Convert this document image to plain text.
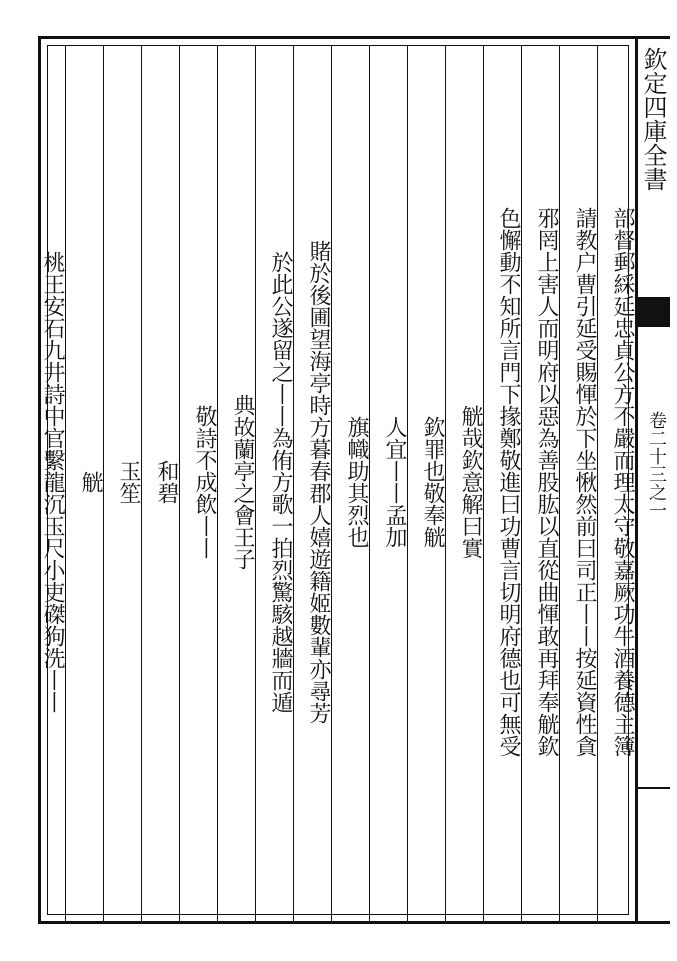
部督郵綵延忠貞公方不嚴而理太守敬嘉厥功牛酒養德主簿
請教户曹引延受賜惲於下坐愀然前曰司正丨丨按延資性貪
邪罔上害人而明府以惡為善股肱以直從曲惲敢再拜奉觥欽
色懈動不知所言門下掾鄭敬進曰功曹言切明府德也可無受
觥哉欽意解曰實
欽罪也敬奉觥
人宜丨丨孟加
旗幟助其烈也
賭於後圃望海亭時方暮春郡人嬉遊籍姬數輩亦尋芳
於此公遂留之丨丨為侑方歌一拍烈驚駭越牆而遁
典故蘭亭之會王子
敬詩不成飲丨丨
和碧
玉笙
觥
桃王安石九井詩中官繫龍沉玉尺小吏磔狗洗丨丨
欽定四庫全書
卷二十三之一
